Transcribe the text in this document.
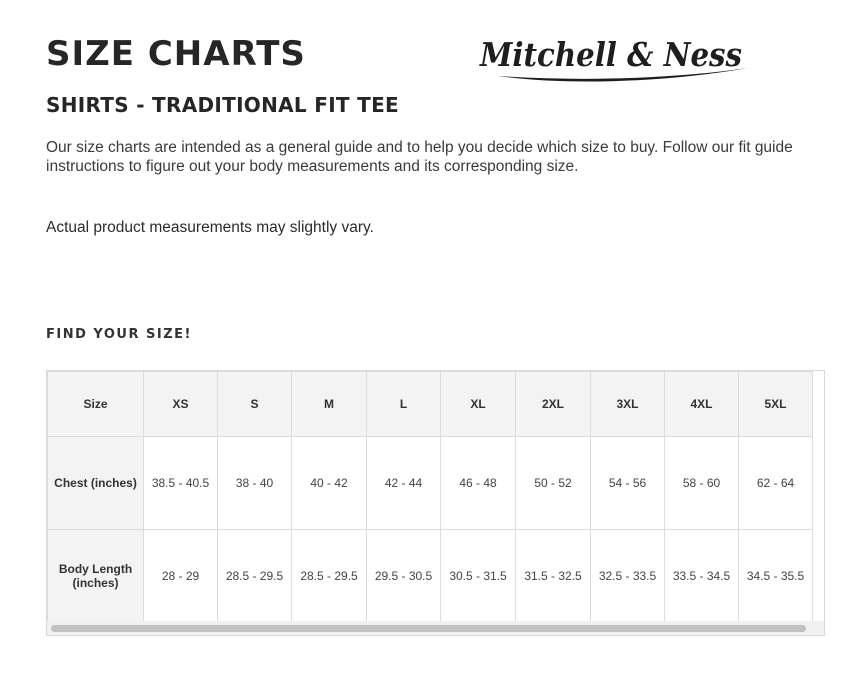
SIZE CHARTS	Mitchell & Ness
SHIRTS - TRADITIONAL FIT TEE

Our size charts are intended as a general guide and to help you decide which size to buy. Follow our fit guide instructions to figure out your body measurements and its corresponding size.

Actual product measurements may slightly vary.

FIND YOUR SIZE!
Size	XS	S	M	L	XL	2XL	3XL	4XL	5XL
Chest (inches)	38.5 - 40.5	38 - 40	40 - 42	42 - 44	46 - 48	50 - 52	54 - 56	58 - 60	62 - 64
Body Length (inches)	28 - 29	28.5 - 29.5	28.5 - 29.5	29.5 - 30.5	30.5 - 31.5	31.5 - 32.5	32.5 - 33.5	33.5 - 34.5	34.5 - 35.5
